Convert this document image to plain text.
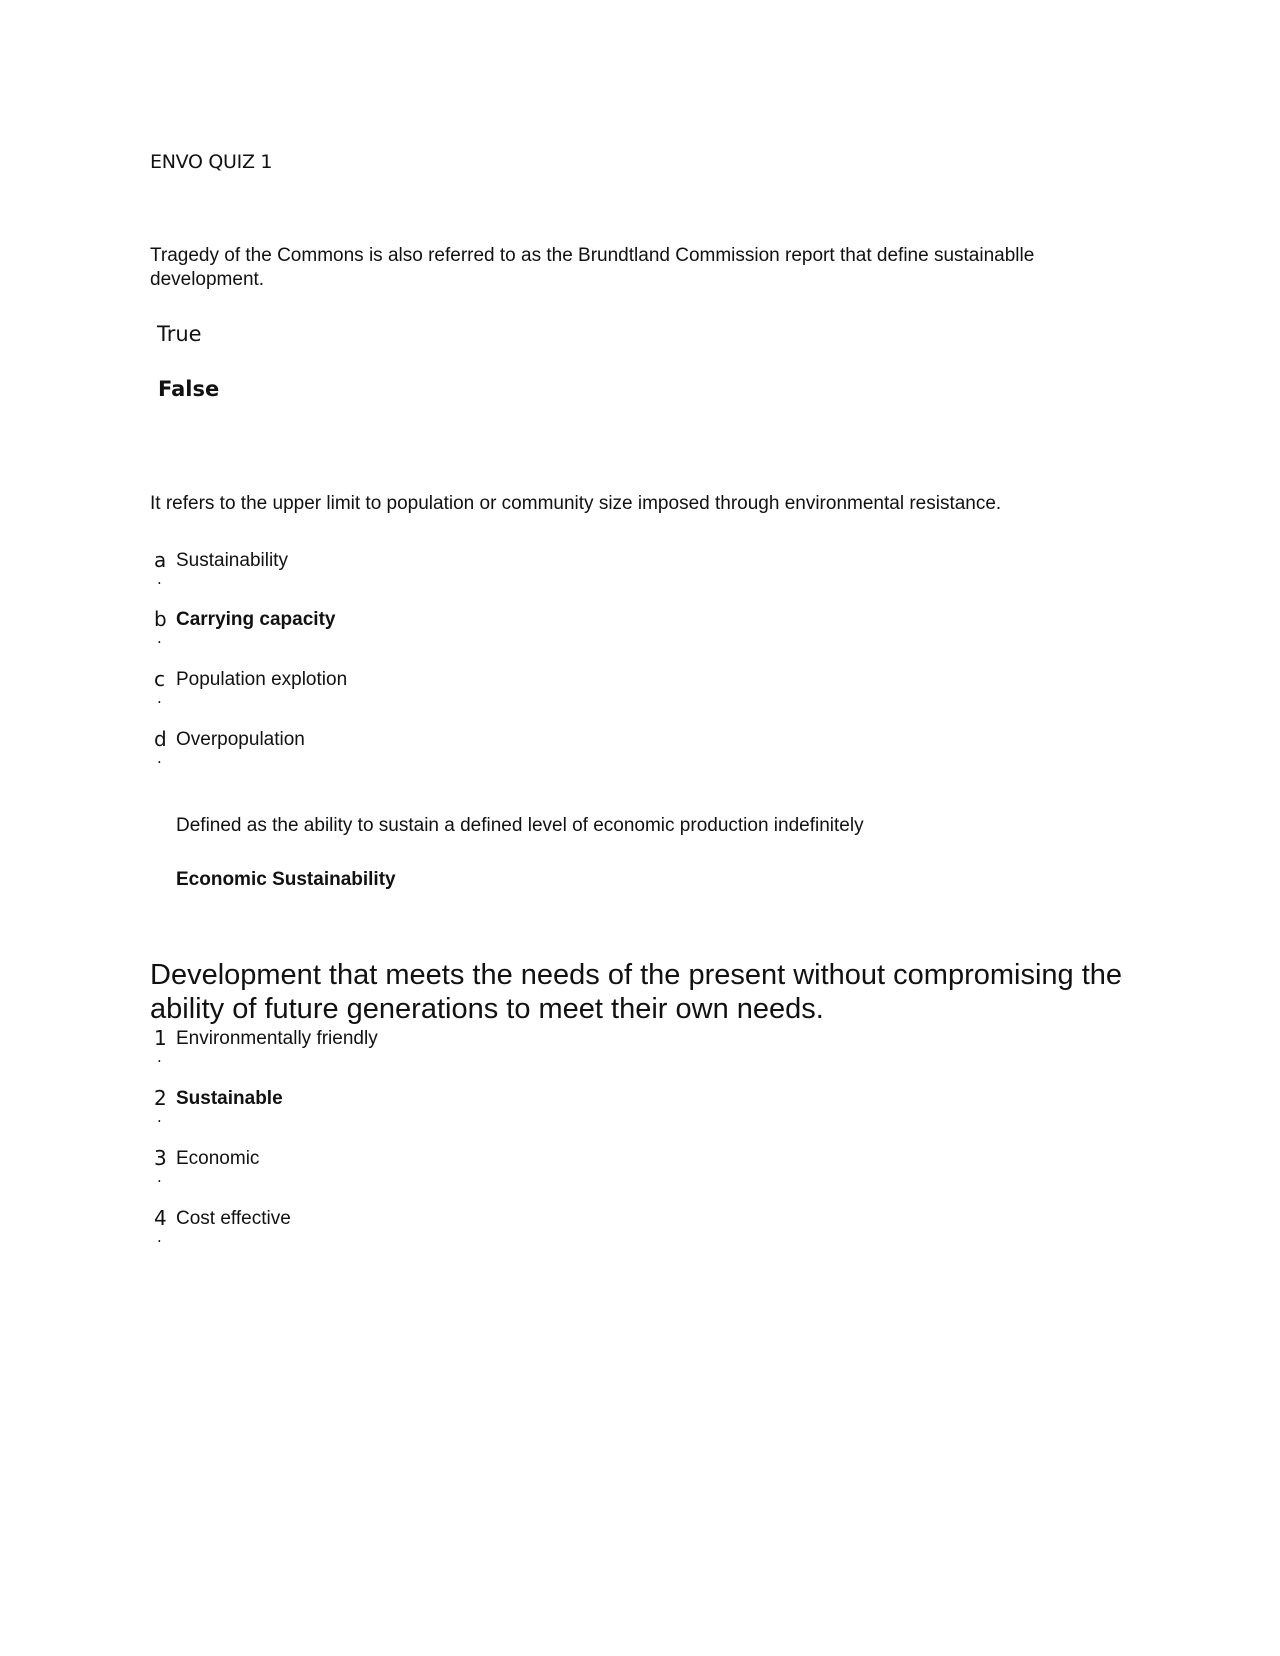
ENVO QUIZ 1
Tragedy of the Commons is also referred to as the Brundtland Commission report that define sustainablle development.
True
False
It refers to the upper limit to population or community size imposed through environmental resistance.
a
.
Sustainability
b
.
Carrying capacity
c
.
Population explotion
d
.
Overpopulation
Defined as the ability to sustain a defined level of economic production indefinitely
Economic Sustainability
Development that meets the needs of the present without compromising the ability of future generations to meet their own needs.
1
.
Environmentally friendly
2
.
Sustainable
3
.
Economic
4
.
Cost effective
